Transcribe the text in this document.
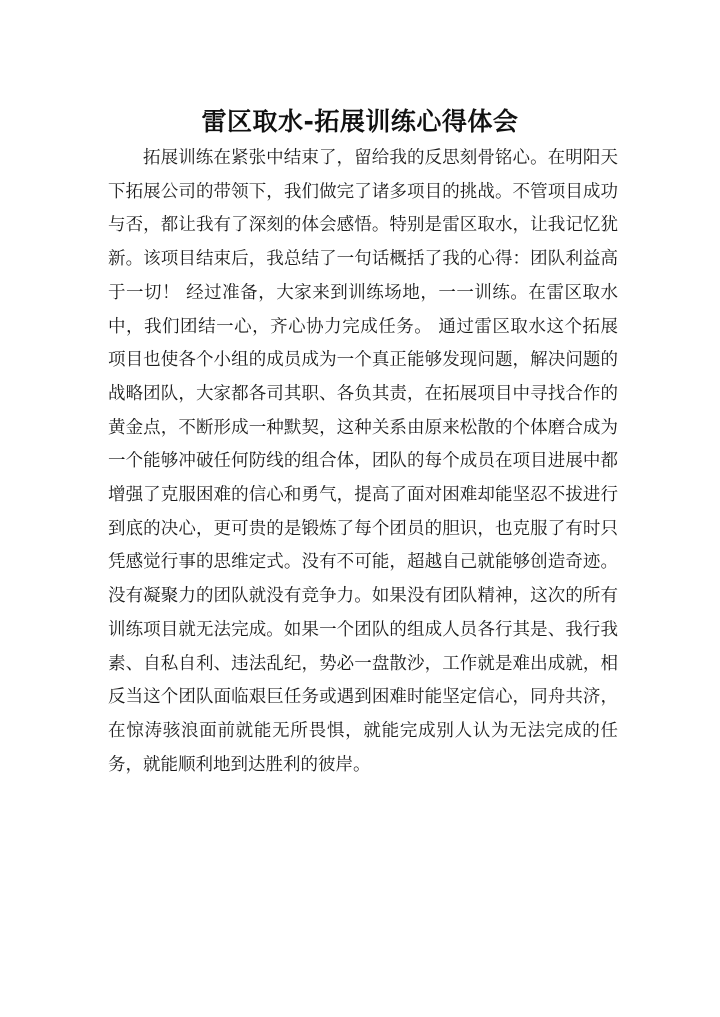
雷区取水-拓展训练心得体会

拓展训练在紧张中结束了，留给我的反思刻骨铭心。在明阳天下拓展公司的带领下，我们做完了诸多项目的挑战。不管项目成功与否，都让我有了深刻的体会感悟。特别是雷区取水，让我记忆犹新。该项目结束后，我总结了一句话概括了我的心得：团队利益高于一切！ 经过准备，大家来到训练场地，一一训练。在雷区取水中，我们团结一心，齐心协力完成任务。 通过雷区取水这个拓展项目也使各个小组的成员成为一个真正能够发现问题，解决问题的战略团队，大家都各司其职、各负其责，在拓展项目中寻找合作的黄金点，不断形成一种默契，这种关系由原来松散的个体磨合成为一个能够冲破任何防线的组合体，团队的每个成员在项目进展中都增强了克服困难的信心和勇气，提高了面对困难却能坚忍不拔进行到底的决心，更可贵的是锻炼了每个团员的胆识，也克服了有时只凭感觉行事的思维定式。没有不可能，超越自己就能够创造奇迹。没有凝聚力的团队就没有竞争力。如果没有团队精神，这次的所有训练项目就无法完成。如果一个团队的组成人员各行其是、我行我素、自私自利、违法乱纪，势必一盘散沙，工作就是难出成就，相反当这个团队面临艰巨任务或遇到困难时能坚定信心，同舟共济，在惊涛骇浪面前就能无所畏惧，就能完成别人认为无法完成的任务，就能顺利地到达胜利的彼岸。
